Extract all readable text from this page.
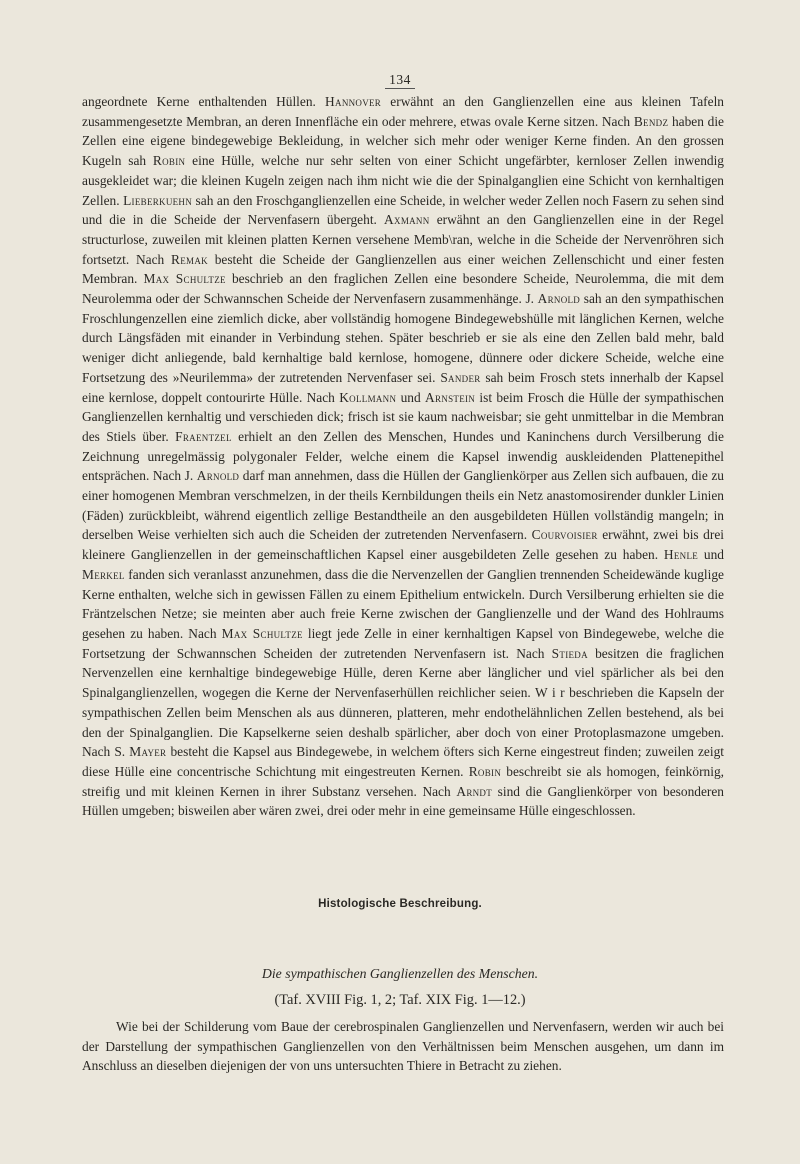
134

angeordnete Kerne enthaltenden Hüllen. Hannover erwähnt an den Ganglienzellen eine aus kleinen Tafeln zusammengesetzte Membran, an deren Innenfläche ein oder mehrere, etwas ovale Kerne sitzen. Nach Bendz haben die Zellen eine eigene bindegewebige Bekleidung, in welcher sich mehr oder weniger Kerne finden. An den grossen Kugeln sah Robin eine Hülle, welche nur sehr selten von einer Schicht ungefärbter, kernloser Zellen inwendig ausgekleidet war; die kleinen Kugeln zeigen nach ihm nicht wie die der Spinalganglien eine Schicht von kernhaltigen Zellen. Lieberkuehn sah an den Froschganglienzellen eine Scheide, in welcher weder Zellen noch Fasern zu sehen sind und die in die Scheide der Nervenfasern übergeht. Axmann erwähnt an den Ganglienzellen eine in der Regel structurlose, zuweilen mit kleinen platten Kernen versehene Memb\ran, welche in die Scheide der Nervenröhren sich fortsetzt. Nach Remak besteht die Scheide der Ganglienzellen aus einer weichen Zellenschicht und einer festen Membran. Max Schultze beschrieb an den fraglichen Zellen eine besondere Scheide, Neurolemma, die mit dem Neurolemma oder der Schwannschen Scheide der Nervenfasern zusammenhänge. J. Arnold sah an den sympathischen Froschlungenzellen eine ziemlich dicke, aber vollständig homogene Bindegewebshülle mit länglichen Kernen, welche durch Längsfäden mit einander in Verbindung stehen. Später beschrieb er sie als eine den Zellen bald mehr, bald weniger dicht anliegende, bald kernhaltige bald kernlose, homogene, dünnere oder dickere Scheide, welche eine Fortsetzung des »Neurilemma» der zutretenden Nervenfaser sei. Sander sah beim Frosch stets innerhalb der Kapsel eine kernlose, doppelt contourirte Hülle. Nach Kollmann und Arnstein ist beim Frosch die Hülle der sympathischen Ganglienzellen kernhaltig und verschieden dick; frisch ist sie kaum nachweisbar; sie geht unmittelbar in die Membran des Stiels über. Fraentzel erhielt an den Zellen des Menschen, Hundes und Kaninchens durch Versilberung die Zeichnung unregelmässig polygonaler Felder, welche einem die Kapsel inwendig auskleidenden Plattenepithel entsprächen. Nach J. Arnold darf man annehmen, dass die Hüllen der Ganglienkörper aus Zellen sich aufbauen, die zu einer homogenen Membran verschmelzen, in der theils Kernbildungen theils ein Netz anastomosirender dunkler Linien (Fäden) zurückbleibt, während eigentlich zellige Bestandtheile an den ausgebildeten Hüllen vollständig mangeln; in derselben Weise verhielten sich auch die Scheiden der zutretenden Nervenfasern. Courvoisier erwähnt, zwei bis drei kleinere Ganglienzellen in der gemeinschaftlichen Kapsel einer ausgebildeten Zelle gesehen zu haben. Henle und Merkel fanden sich veranlasst anzunehmen, dass die die Nervenzellen der Ganglien trennenden Scheidewände kuglige Kerne enthalten, welche sich in gewissen Fällen zu einem Epithelium entwickeln. Durch Versilberung erhielten sie die Fräntzelschen Netze; sie meinten aber auch freie Kerne zwischen der Ganglienzelle und der Wand des Hohlraums gesehen zu haben. Nach Max Schultze liegt jede Zelle in einer kernhaltigen Kapsel von Bindegewebe, welche die Fortsetzung der Schwannschen Scheiden der zutretenden Nervenfasern ist. Nach Stieda besitzen die fraglichen Nervenzellen eine kernhaltige bindegewebige Hülle, deren Kerne aber länglicher und viel spärlicher als bei den Spinalganglienzellen, wogegen die Kerne der Nervenfaserhüllen reichlicher seien. W i r beschrieben die Kapseln der sympathischen Zellen beim Menschen als aus dünneren, platteren, mehr endothelähnlichen Zellen bestehend, als bei den der Spinalganglien. Die Kapselkerne seien deshalb spärlicher, aber doch von einer Protoplasmazone umgeben. Nach S. Mayer besteht die Kapsel aus Bindegewebe, in welchem öfters sich Kerne eingestreut finden; zuweilen zeigt diese Hülle eine concentrische Schichtung mit eingestreuten Kernen. Robin beschreibt sie als homogen, feinkörnig, streifig und mit kleinen Kernen in ihrer Substanz versehen. Nach Arndt sind die Ganglienkörper von besonderen Hüllen umgeben; bisweilen aber wären zwei, drei oder mehr in eine gemeinsame Hülle eingeschlossen.

Histologische Beschreibung.
Die sympathischen Ganglienzellen des Menschen.
(Taf. XVIII Fig. 1, 2; Taf. XIX Fig. 1—12.)

Wie bei der Schilderung vom Baue der cerebrospinalen Ganglienzellen und Nervenfasern, werden wir auch bei der Darstellung der sympathischen Ganglienzellen von den Verhältnissen beim Menschen ausgehen, um dann im Anschluss an dieselben diejenigen der von uns untersuchten Thiere in Betracht zu ziehen.
